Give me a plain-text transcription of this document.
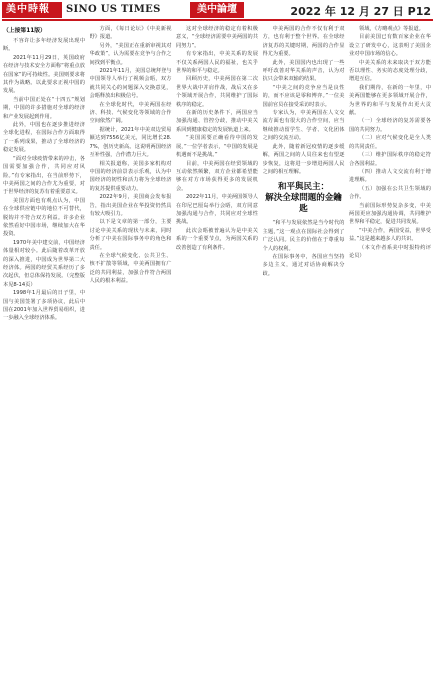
美中時報	SINO US TIMES	美中論壇	2022 年 12 月 27 日 P12
（上接第11版）

不容许让多年经济发展出现中断。

2021年11月29日，英国政府在经济与技术安全方面称“将重点放在国家”的可持续性。美国则要求将其作为战略。以此要求正视中国的发展。

当前中国正处在“十四五”规划期，中国的许多措施对全球的经济和产业发展起到作用。

此外，中国也在逐步推进经济全球化进程，在国际合作方面取得了一系列成果，推动了全球经济的稳定发展。

“面对全球疫情带来的冲击，各国需要加强合作，共同应对风险。”有专家指出，在当前形势下，中美两国之间的合作尤为重要，对于世界经济的复苏有着重要意义。

美国方面也有观点认为，中国在全球供应链中的地位不可替代，脱钩并不符合双方利益。许多企业依然看好中国市场，继续加大在华投资。

1970年美中建交前，中国经济体量相对较小。此后随着改革开放的深入推进，中国成为世界第二大经济体。两国的经贸关系经历了多次起伏，但总体保持发展。（完整版本见8-14页）

1998年1月最后的日子里，中国与美国签署了多项协议，此后中国在2001年加入世界贸易组织，进一步融入全球经济体系。

方面，《每日论坛》《中美新视野》报道。

另外，“美国正在重新审视其对华政策”，认为需要在竞争与合作之间找到平衡点。

2021年11月，美国总统拜登与中国领导人举行了视频会晤，双方就共同关心的问题深入交换意见，会晤释放出积极信号。

在全球化时代，中美两国在经济、科技、气候变化等领域的合作空间依然广阔。

据统计，2021年中美双边贸易额达到7556亿美元，同比增长28.7%，创历史新高。这说明两国经济互补性强，合作潜力巨大。

相关报道称，美国多家机构对中国的经济前景表示乐观，认为中国经济的韧性和活力将为全球经济的复苏提供重要动力。

2022年9月，美国商会发布报告，指出美国企业在华投资仍然具有较大吸引力。

以下是文章的第一部分，主要讨论中美关系的现状与未来，同时分析了中美在国际事务中的角色和责任。

在全球气候变化、公共卫生、核不扩散等领域，中美两国拥有广泛的共同利益，加强合作符合两国人民的根本利益。

这对全球经济的稳定有着积极意义，“全球经济需要中美两国的共同努力”。

有专家指出，中美关系的发展不仅关系两国人民的福祉，也关乎世界的和平与稳定。

回顾历史，中美两国在第二次世界大战中并肩作战，战后又在多个领域开展合作，共同维护了国际秩序的稳定。

在新的历史条件下，两国应当加强沟通、管控分歧，推动中美关系回到健康稳定的发展轨道上来。

“美国需要正确看待中国的发展，”一位学者表示，“中国的发展是机遇而不是挑战。”

目前，中美两国在经贸领域的互动依然频繁，双方企业都希望能够在对方市场获得更多的发展机会。

2022年11月，中美两国领导人在印尼巴厘岛举行会晤，双方同意加强沟通与合作，共同应对全球性挑战。

此次会晤被普遍认为是中美关系的一个重要节点，为两国关系的改善创造了有利条件。

中美两国的合作不仅有利于双方，也有利于整个世界。在全球经济复苏的关键时期，两国的合作显得尤为重要。

此外，美国国内也出现了一些呼吁改善对华关系的声音，认为对抗只会带来双输的结果。

“中美之间的竞争应当是良性的，而不应该是零和博弈。”一位美国前官员在接受采访时表示。

专家认为，中美两国在人文交流方面也有很大的合作空间，应当继续推动留学生、学者、文化团体之间的交流互动。

此外，随着新冠疫情的逐步缓解，两国之间的人员往来也有望逐步恢复，这将进一步增进两国人民之间的相互理解。

和平與民主：
解決全球問題的金鑰匙

“和平与发展依然是当今时代的主题，”这一观点在国际社会得到了广泛认同。民主的价值在于尊重每个人的权利。

在国际事务中，各国应当坚持多边主义，通过对话协商解决分歧。

领域，《方略观点》等报道。

目前美国已有数百家企业在华设立了研发中心，这表明了美国企业对中国市场的信心。

中美关系的未来取决于双方能否以理性、务实的态度处理分歧，增进互信。

我们期待，在新的一年里，中美两国能够在更多领域开展合作，为世界的和平与发展作出更大贡献。

（一）全球经济的复苏需要各国的共同努力。

（二）应对气候变化是全人类的共同责任。

（三）维护国际秩序的稳定符合各国利益。

（四）推动人文交流有利于增进理解。

（五）加强在公共卫生领域的合作。

当前国际形势复杂多变，中美两国更应加强沟通协调，共同维护世界和平稳定，促进共同发展。

“中美合作，两国受益，世界受益。”这是越来越多人的共识。

（本文作者系美中时报特约评论员）
